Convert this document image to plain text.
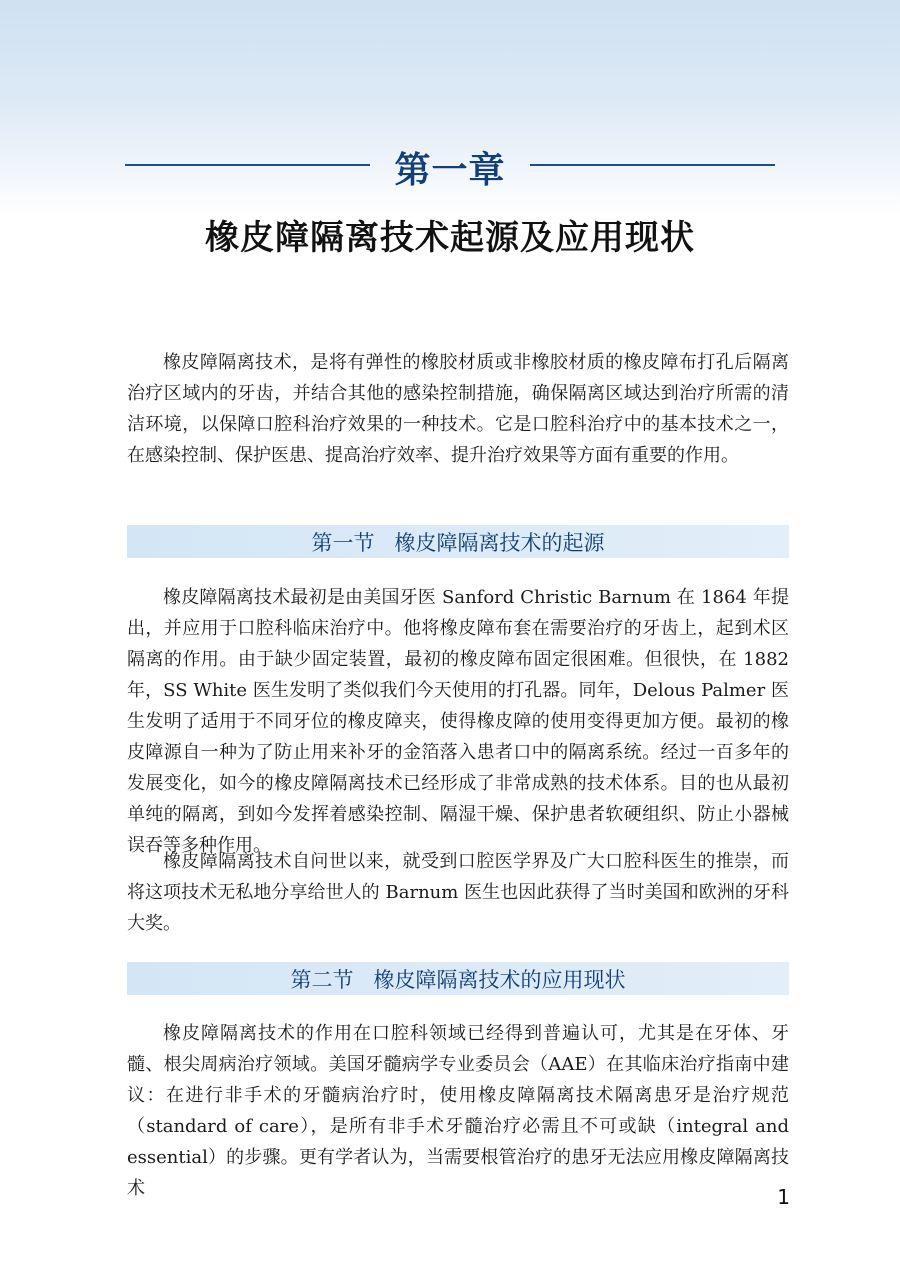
第一章
橡皮障隔离技术起源及应用现状

橡皮障隔离技术，是将有弹性的橡胶材质或非橡胶材质的橡皮障布打孔后隔离治疗区域内的牙齿，并结合其他的感染控制措施，确保隔离区域达到治疗所需的清洁环境，以保障口腔科治疗效果的一种技术。它是口腔科治疗中的基本技术之一，在感染控制、保护医患、提高治疗效率、提升治疗效果等方面有重要的作用。

第一节   橡皮障隔离技术的起源

橡皮障隔离技术最初是由美国牙医 Sanford Christic Barnum 在 1864 年提出，并应用于口腔科临床治疗中。他将橡皮障布套在需要治疗的牙齿上，起到术区隔离的作用。由于缺少固定装置，最初的橡皮障布固定很困难。但很快，在 1882 年，SS White 医生发明了类似我们今天使用的打孔器。同年，Delous Palmer 医生发明了适用于不同牙位的橡皮障夹，使得橡皮障的使用变得更加方便。最初的橡皮障源自一种为了防止用来补牙的金箔落入患者口中的隔离系统。经过一百多年的发展变化，如今的橡皮障隔离技术已经形成了非常成熟的技术体系。目的也从最初单纯的隔离，到如今发挥着感染控制、隔湿干燥、保护患者软硬组织、防止小器械误吞等多种作用。

橡皮障隔离技术自问世以来，就受到口腔医学界及广大口腔科医生的推崇，而将这项技术无私地分享给世人的 Barnum 医生也因此获得了当时美国和欧洲的牙科大奖。

第二节   橡皮障隔离技术的应用现状

橡皮障隔离技术的作用在口腔科领域已经得到普遍认可，尤其是在牙体、牙髓、根尖周病治疗领域。美国牙髓病学专业委员会（AAE）在其临床治疗指南中建议：在进行非手术的牙髓病治疗时，使用橡皮障隔离技术隔离患牙是治疗规范（standard of care），是所有非手术牙髓治疗必需且不可或缺（integral and essential）的步骤。更有学者认为，当需要根管治疗的患牙无法应用橡皮障隔离技术	1
